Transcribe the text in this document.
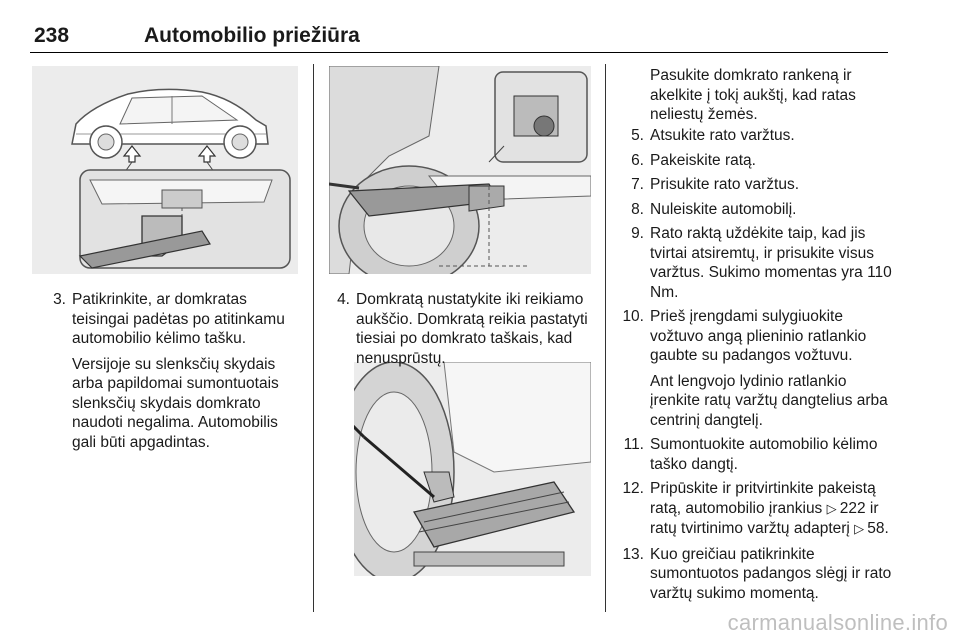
238	Automobilio priežiūra
3. Patikrinkite, ar domkratas teisingai padėtas po atitinkamu automobilio kėlimo tašku.
Versijoje su slenksčių skydais arba papildomai sumontuotais slenksčių skydais domkrato naudoti negalima. Automobilis gali būti apgadintas.
4. Domkratą nustatykite iki reikiamo aukščio. Domkratą reikia pastatyti tiesiai po domkrato taškais, kad nenusprūstų.
Pasukite domkrato rankeną ir akelkite į tokį aukštį, kad ratas neliestų žemės.
5. Atsukite rato varžtus.
6. Pakeiskite ratą.
7. Prisukite rato varžtus.
8. Nuleiskite automobilį.
9. Rato raktą uždėkite taip, kad jis tvirtai atsiremtų, ir prisukite visus varžtus. Sukimo momentas yra 110 Nm.
10. Prieš įrengdami sulygiuokite vožtuvo angą plieninio ratlankio gaubte su padangos vožtuvu.
Ant lengvojo lydinio ratlankio įrenkite ratų varžtų dangtelius arba centrinį dangtelį.
11. Sumontuokite automobilio kėlimo taško dangtį.
12. Pripūskite ir pritvirtinkite pakeistą ratą, automobilio įrankius ▷  222 ir ratų tvirtinimo varžtų adapterį ▷  58.
13. Kuo greičiau patikrinkite sumontuotos padangos slėgį ir rato varžtų sukimo momentą.
carmanualsonline.info
